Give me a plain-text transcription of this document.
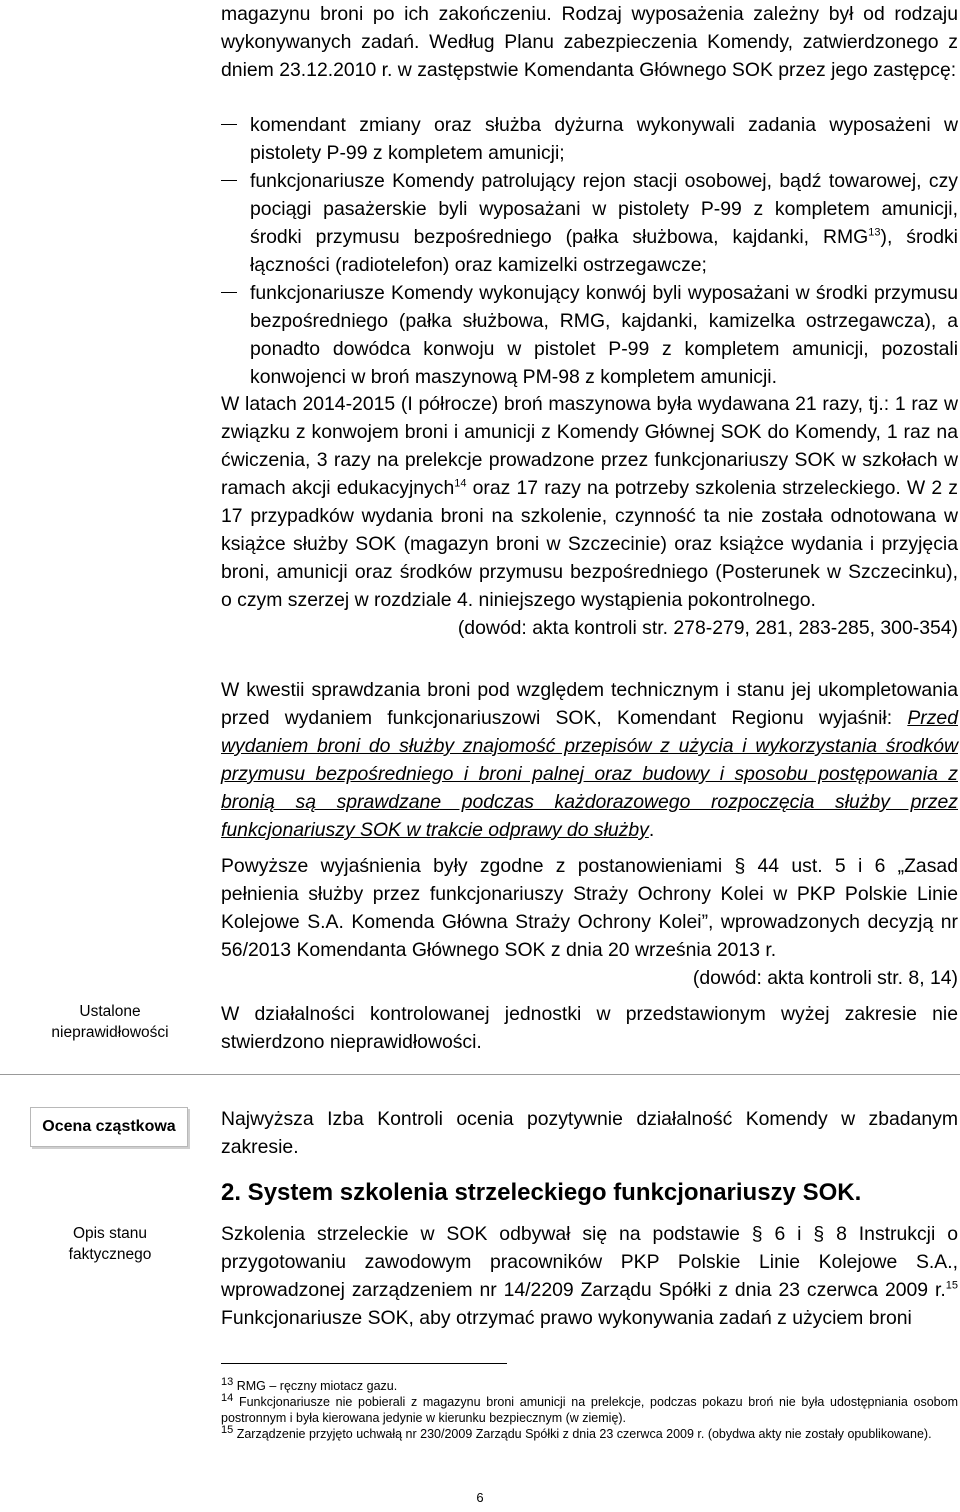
magazynu broni po ich zakończeniu. Rodzaj wyposażenia zależny był od rodzaju wykonywanych zadań. Według Planu zabezpieczenia Komendy, zatwierdzonego z dniem 23.12.2010 r. w zastępstwie Komendanta Głównego SOK przez jego zastępcę:

komendant zmiany oraz służba dyżurna wykonywali zadania wyposażeni w pistolety P-99 z kompletem amunicji;

funkcjonariusze Komendy patrolujący rejon stacji osobowej, bądź towarowej, czy pociągi pasażerskie byli wyposażani w pistolety P-99 z kompletem amunicji, środki przymusu bezpośredniego (pałka służbowa, kajdanki, RMG$^{13}$), środki łączności (radiotelefon) oraz kamizelki ostrzegawcze;

funkcjonariusze Komendy wykonujący konwój byli wyposażani w środki przymusu bezpośredniego (pałka służbowa, RMG, kajdanki, kamizelka ostrzegawcza), a ponadto dowódca konwoju w pistolet P-99 z kompletem amunicji, pozostali konwojenci w broń maszynową PM-98 z kompletem amunicji.

W latach 2014-2015 (I półrocze) broń maszynowa była wydawana 21 razy, tj.: 1 raz w związku z konwojem broni i amunicji z Komendy Głównej SOK do Komendy, 1 raz na ćwiczenia, 3 razy na prelekcje prowadzone przez funkcjonariuszy SOK w szkołach w ramach akcji edukacyjnych$^{14}$ oraz 17 razy na potrzeby szkolenia strzeleckiego. W 2 z 17 przypadków wydania broni na szkolenie, czynność ta nie została odnotowana w książce służby SOK (magazyn broni w Szczecinie) oraz książce wydania i przyjęcia broni, amunicji oraz środków przymusu bezpośredniego (Posterunek w Szczecinku), o czym szerzej w rozdziale 4. niniejszego wystąpienia pokontrolnego.

(dowód: akta kontroli str. 278-279, 281, 283-285, 300-354)

W kwestii sprawdzania broni pod względem technicznym i stanu jej ukompletowania przed wydaniem funkcjonariuszowi SOK, Komendant Regionu wyjaśnił: Przed wydaniem broni do służby znajomość przepisów z użycia i wykorzystania środków przymusu bezpośredniego i broni palnej oraz budowy i sposobu postępowania z bronią są sprawdzane podczas każdorazowego rozpoczęcia służby przez funkcjonariuszy SOK w trakcie odprawy do służby.

Powyższe wyjaśnienia były zgodne z postanowieniami § 44 ust. 5 i 6 „Zasad pełnienia służby przez funkcjonariuszy Straży Ochrony Kolei w PKP Polskie Linie Kolejowe S.A. Komenda Główna Straży Ochrony Kolei”, wprowadzonych decyzją nr 56/2013 Komendanta Głównego SOK z dnia 20 września 2013 r.

(dowód: akta kontroli str. 8, 14)

Ustalone
nieprawidłowości

W działalności kontrolowanej jednostki w przedstawionym wyżej zakresie nie stwierdzono nieprawidłowości.

Ocena cząstkowa	Najwyższa Izba Kontroli ocenia pozytywnie działalność Komendy w zbadanym zakresie.

2. System szkolenia strzeleckiego funkcjonariuszy SOK.

Opis stanu
faktycznego

Szkolenia strzeleckie w SOK odbywał się na podstawie § 6 i § 8 Instrukcji o przygotowaniu zawodowym pracowników PKP Polskie Linie Kolejowe S.A., wprowadzonej zarządzeniem nr 14/2209 Zarządu Spółki z dnia 23 czerwca 2009 r.$^{15}$ Funkcjonariusze SOK, aby otrzymać prawo wykonywania zadań z użyciem broni

13 RMG – ręczny miotacz gazu.
14 Funkcjonariusze nie pobierali z magazynu broni amunicji na prelekcje, podczas pokazu broń nie była udostępniania osobom postronnym i była kierowana jedynie w kierunku bezpiecznym (w ziemię).
15 Zarządzenie przyjęto uchwałą nr 230/2009 Zarządu Spółki z dnia 23 czerwca 2009 r. (obydwa akty nie zostały opublikowane).
6
